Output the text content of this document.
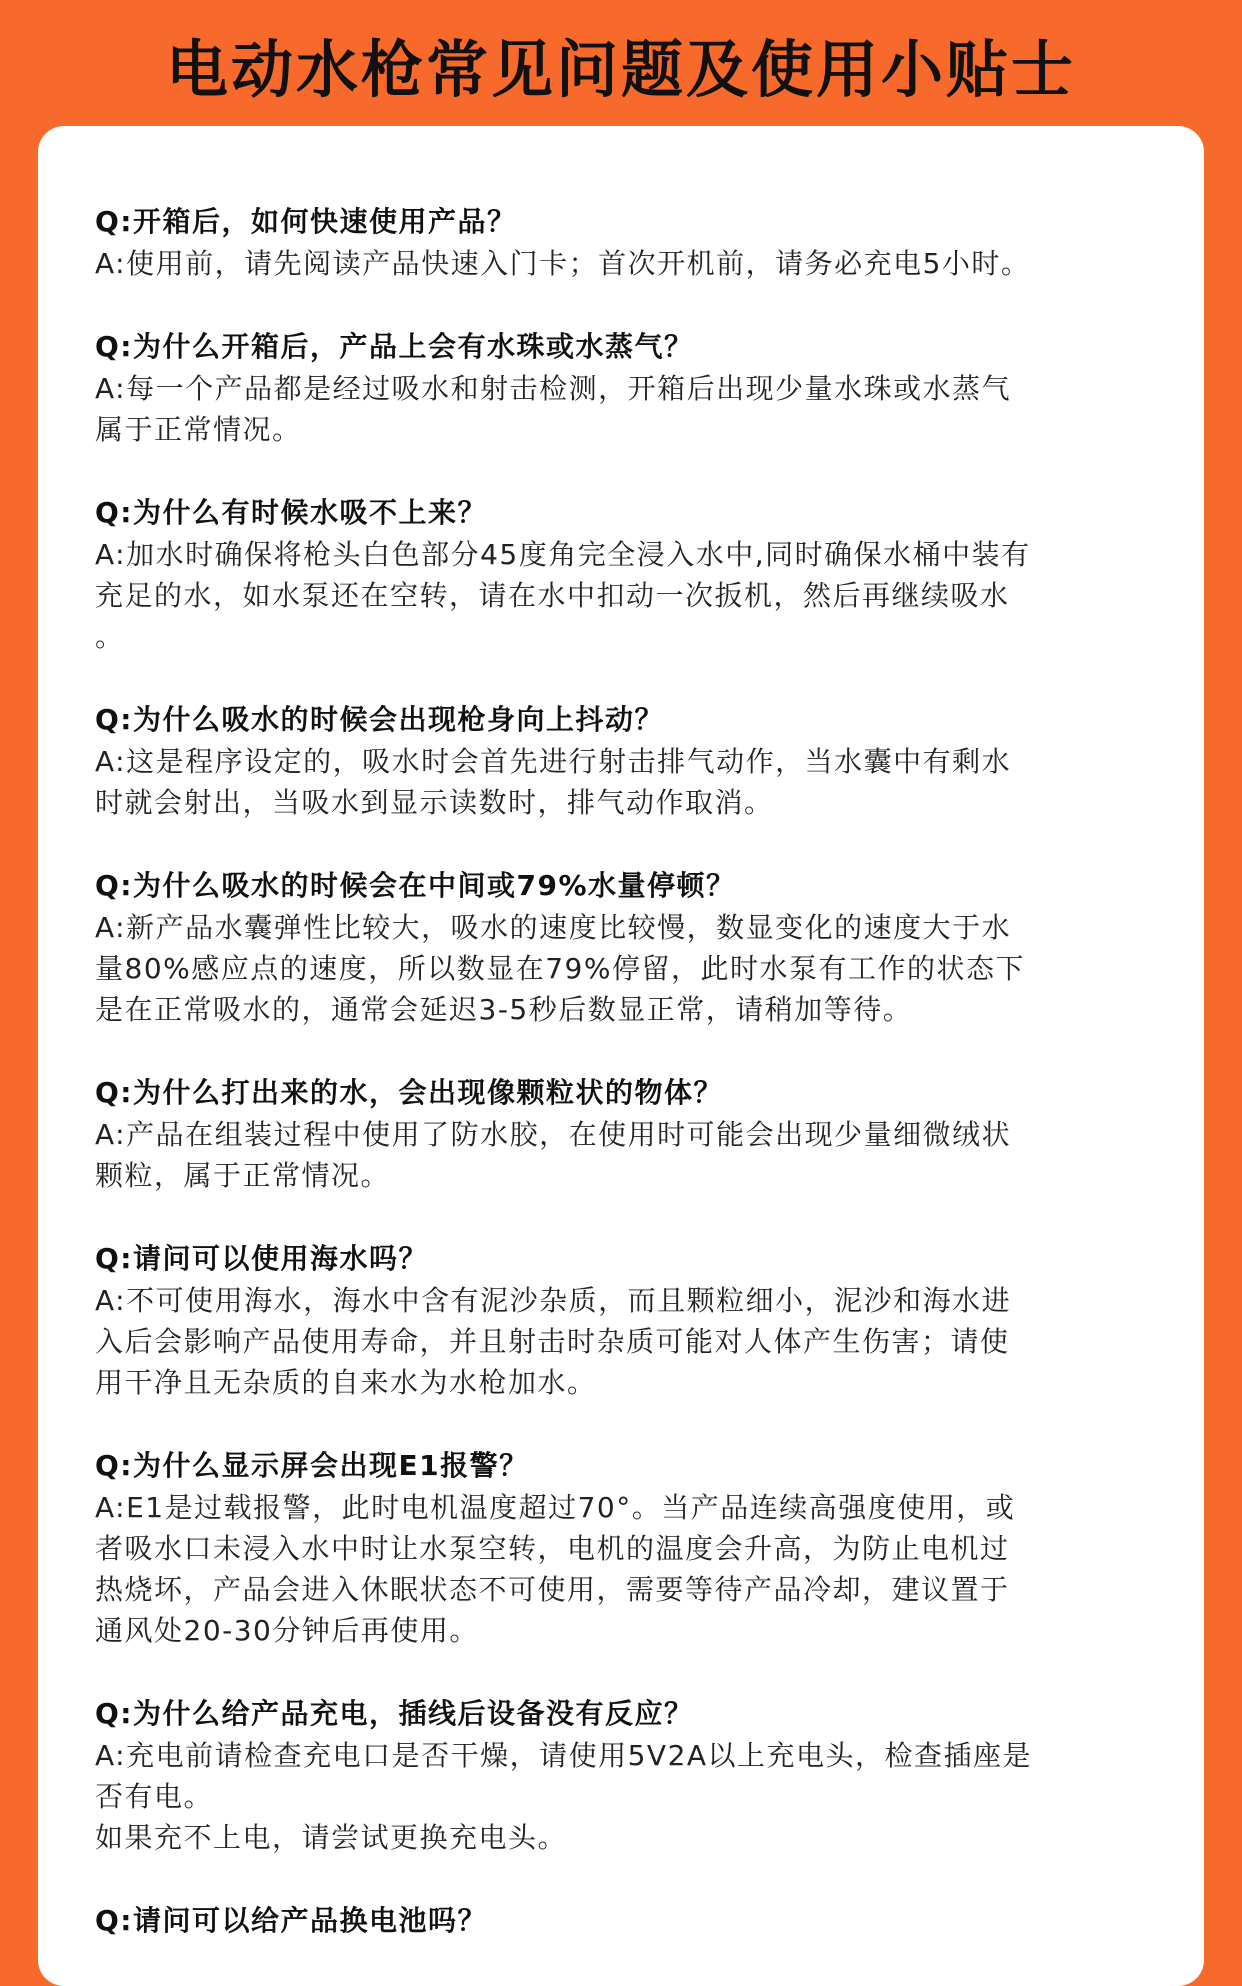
电动水枪常见问题及使用小贴士
Q:开箱后，如何快速使用产品？
A:使用前，请先阅读产品快速入门卡；首次开机前，请务必充电5小时。
Q:为什么开箱后，产品上会有水珠或水蒸气？
A:每一个产品都是经过吸水和射击检测，开箱后出现少量水珠或水蒸气
属于正常情况。
Q:为什么有时候水吸不上来？
A:加水时确保将枪头白色部分45度角完全浸入水中,同时确保水桶中装有
充足的水，如水泵还在空转，请在水中扣动一次扳机，然后再继续吸水
。
Q:为什么吸水的时候会出现枪身向上抖动？
A:这是程序设定的，吸水时会首先进行射击排气动作，当水囊中有剩水
时就会射出，当吸水到显示读数时，排气动作取消。
Q:为什么吸水的时候会在中间或79%水量停顿？
A:新产品水囊弹性比较大，吸水的速度比较慢，数显变化的速度大于水
量80%感应点的速度，所以数显在79%停留，此时水泵有工作的状态下
是在正常吸水的，通常会延迟3-5秒后数显正常，请稍加等待。
Q:为什么打出来的水，会出现像颗粒状的物体？
A:产品在组装过程中使用了防水胶，在使用时可能会出现少量细微绒状
颗粒，属于正常情况。
Q:请问可以使用海水吗？
A:不可使用海水，海水中含有泥沙杂质，而且颗粒细小，泥沙和海水进
入后会影响产品使用寿命，并且射击时杂质可能对人体产生伤害；请使
用干净且无杂质的自来水为水枪加水。
Q:为什么显示屏会出现E1报警？
A:E1是过载报警，此时电机温度超过70°。当产品连续高强度使用，或
者吸水口未浸入水中时让水泵空转，电机的温度会升高，为防止电机过
热烧坏，产品会进入休眠状态不可使用，需要等待产品冷却，建议置于
通风处20-30分钟后再使用。
Q:为什么给产品充电，插线后设备没有反应？
A:充电前请检查充电口是否干燥，请使用5V2A以上充电头，检查插座是
否有电。
如果充不上电，请尝试更换充电头。
Q:请问可以给产品换电池吗？
